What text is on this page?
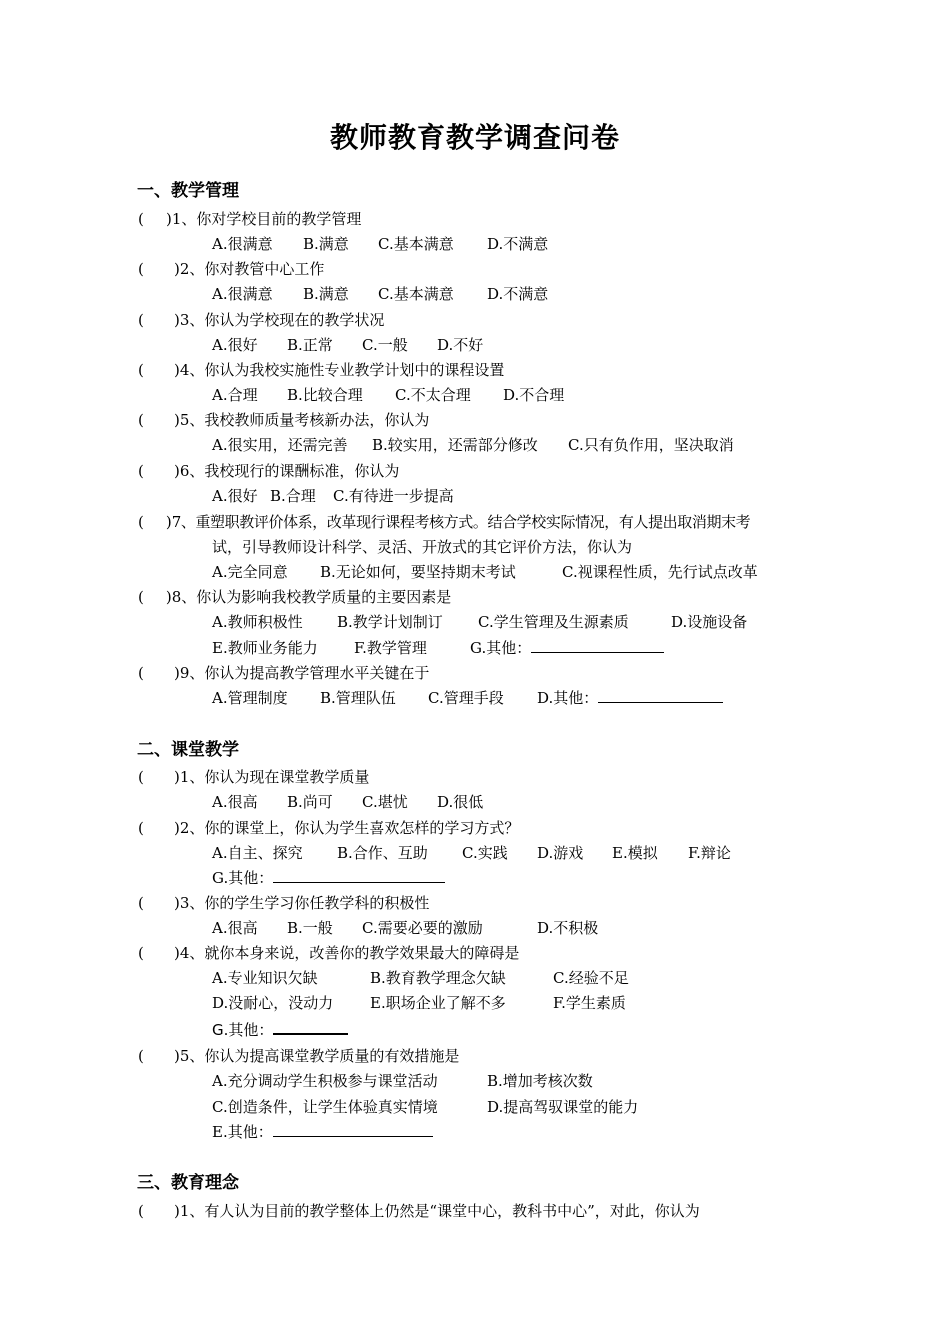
教师教育教学调查问卷
一、教学管理
( )1、你对学校目前的教学管理
A.很满意 B.满意 C.基本满意 D.不满意
( )2、你对教管中心工作
A.很满意 B.满意 C.基本满意 D.不满意
( )3、你认为学校现在的教学状况
A.很好 B.正常 C.一般 D.不好
( )4、你认为我校实施性专业教学计划中的课程设置
A.合理 B.比较合理 C.不太合理 D.不合理
( )5、我校教师质量考核新办法，你认为
A.很实用，还需完善 B.较实用，还需部分修改 C.只有负作用，坚决取消
( )6、我校现行的课酬标准，你认为
A.很好 B.合理 C.有待进一步提高
( )7、重塑职教评价体系，改革现行课程考核方式。结合学校实际情况，有人提出取消期末考
试，引导教师设计科学、灵活、开放式的其它评价方法，你认为
A.完全同意 B.无论如何，要坚持期末考试	C.视课程性质，先行试点改革
( )8、你认为影响我校教学质量的主要因素是
A.教师积极性 B.教学计划制订 C.学生管理及生源素质	D.设施设备
E.教师业务能力 F.教学管理	G.其他：
( )9、你认为提高教学管理水平关键在于
A.管理制度 B.管理队伍 C.管理手段 D.其他：
二、课堂教学
( )1、你认为现在课堂教学质量
A.很高 B.尚可 C.堪忧 D.很低
( )2、你的课堂上，你认为学生喜欢怎样的学习方式？
A.自主、探究 B.合作、互助 C.实践 D.游戏 E.模拟 F.辩论
G.其他：
( )3、你的学生学习你任教学科的积极性
A.很高 B.一般 C.需要必要的激励	D.不积极
( )4、就你本身来说，改善你的教学效果最大的障碍是
A.专业知识欠缺	B.教育教学理念欠缺	C.经验不足
D.没耐心，没动力 E.职场企业了解不多	F.学生素质
G.其他：
( )5、你认为提高课堂教学质量的有效措施是
A.充分调动学生积极参与课堂活动	B.增加考核次数
C.创造条件，让学生体验真实情境	D.提高驾驭课堂的能力
E.其他：
三、教育理念
( )1、有人认为目前的教学整体上仍然是“课堂中心，教科书中心”，对此，你认为
